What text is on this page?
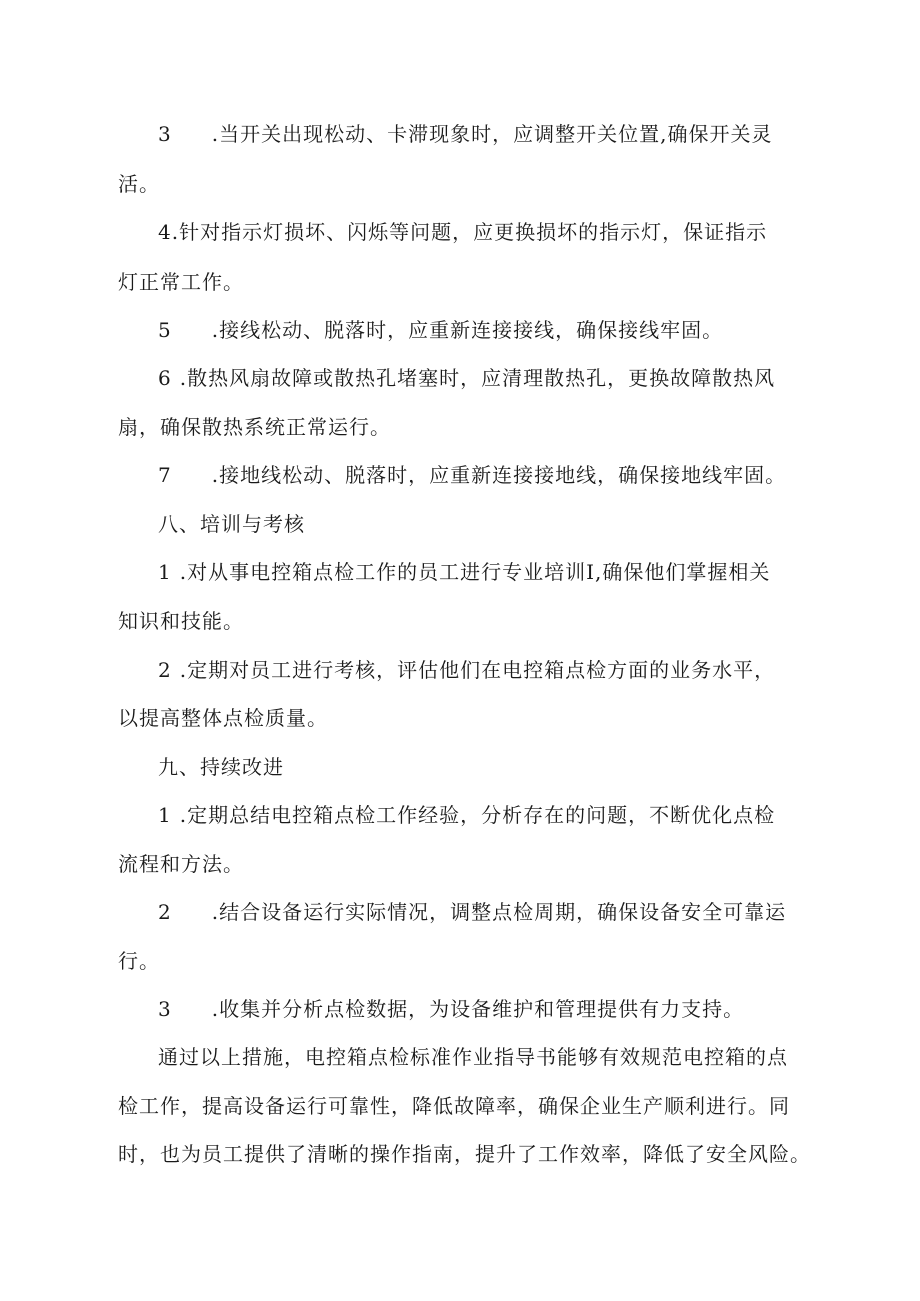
3 .当开关出现松动、卡滞现象时，应调整开关位置,确保开关灵
活。
4.针对指示灯损坏、闪烁等问题，应更换损坏的指示灯，保证指示
灯正常工作。
5 .接线松动、脱落时，应重新连接接线，确保接线牢固。
6 .散热风扇故障或散热孔堵塞时，应清理散热孔，更换故障散热风
扇，确保散热系统正常运行。
7 .接地线松动、脱落时，应重新连接接地线，确保接地线牢固。
八、培训与考核
1 .对从事电控箱点检工作的员工进行专业培训I,确保他们掌握相关
知识和技能。
2 .定期对员工进行考核，评估他们在电控箱点检方面的业务水平，
以提高整体点检质量。
九、持续改进
1 .定期总结电控箱点检工作经验，分析存在的问题，不断优化点检
流程和方法。
2 .结合设备运行实际情况，调整点检周期，确保设备安全可靠运
行。
3 .收集并分析点检数据，为设备维护和管理提供有力支持。
通过以上措施，电控箱点检标准作业指导书能够有效规范电控箱的点
检工作，提高设备运行可靠性，降低故障率，确保企业生产顺利进行。同
时，也为员工提供了清晰的操作指南，提升了工作效率，降低了安全风险。
